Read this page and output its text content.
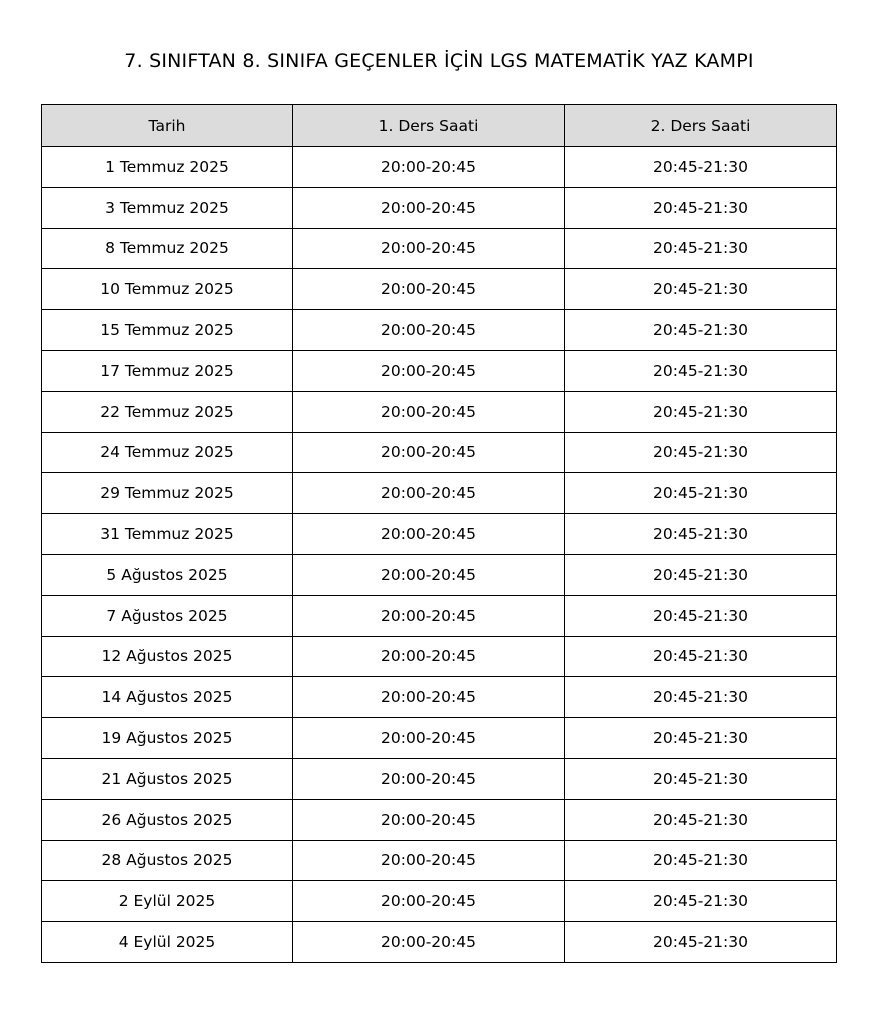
7. SINIFTAN 8. SINIFA GEÇENLER İÇİN LGS MATEMATİK YAZ KAMPI
Tarih	1. Ders Saati	2. Ders Saati
1 Temmuz 2025	20:00-20:45	20:45-21:30
3 Temmuz 2025	20:00-20:45	20:45-21:30
8 Temmuz 2025	20:00-20:45	20:45-21:30
10 Temmuz 2025	20:00-20:45	20:45-21:30
15 Temmuz 2025	20:00-20:45	20:45-21:30
17 Temmuz 2025	20:00-20:45	20:45-21:30
22 Temmuz 2025	20:00-20:45	20:45-21:30
24 Temmuz 2025	20:00-20:45	20:45-21:30
29 Temmuz 2025	20:00-20:45	20:45-21:30
31 Temmuz 2025	20:00-20:45	20:45-21:30
5 Ağustos 2025	20:00-20:45	20:45-21:30
7 Ağustos 2025	20:00-20:45	20:45-21:30
12 Ağustos 2025	20:00-20:45	20:45-21:30
14 Ağustos 2025	20:00-20:45	20:45-21:30
19 Ağustos 2025	20:00-20:45	20:45-21:30
21 Ağustos 2025	20:00-20:45	20:45-21:30
26 Ağustos 2025	20:00-20:45	20:45-21:30
28 Ağustos 2025	20:00-20:45	20:45-21:30
2 Eylül 2025	20:00-20:45	20:45-21:30
4 Eylül 2025	20:00-20:45	20:45-21:30
